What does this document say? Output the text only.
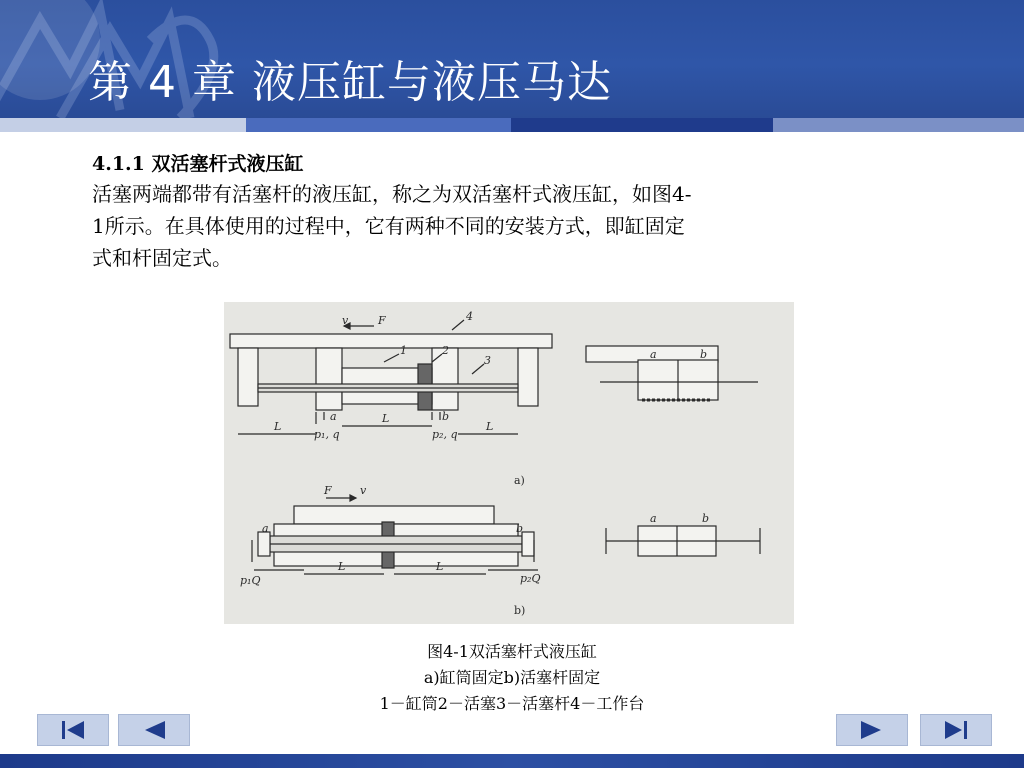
第 4 章 液压缸与液压马达

4.1.1 双活塞杆式液压缸

活塞两端都带有活塞杆的液压缸，称之为双活塞杆式液压缸，如图4-

1所示。在具体使用的过程中，它有两种不同的安装方式，即缸固定

式和杆固定式。

v	F	4
1	2
3
L
L
L
a	b
p₁, q	p₂, q
a)
a	b
F	v
a	b
L	L
p₁Q	p₂Q
b)
a	b
图4-1双活塞杆式液压缸
a)缸筒固定b)活塞杆固定
1－缸筒2－活塞3－活塞杆4－工作台
